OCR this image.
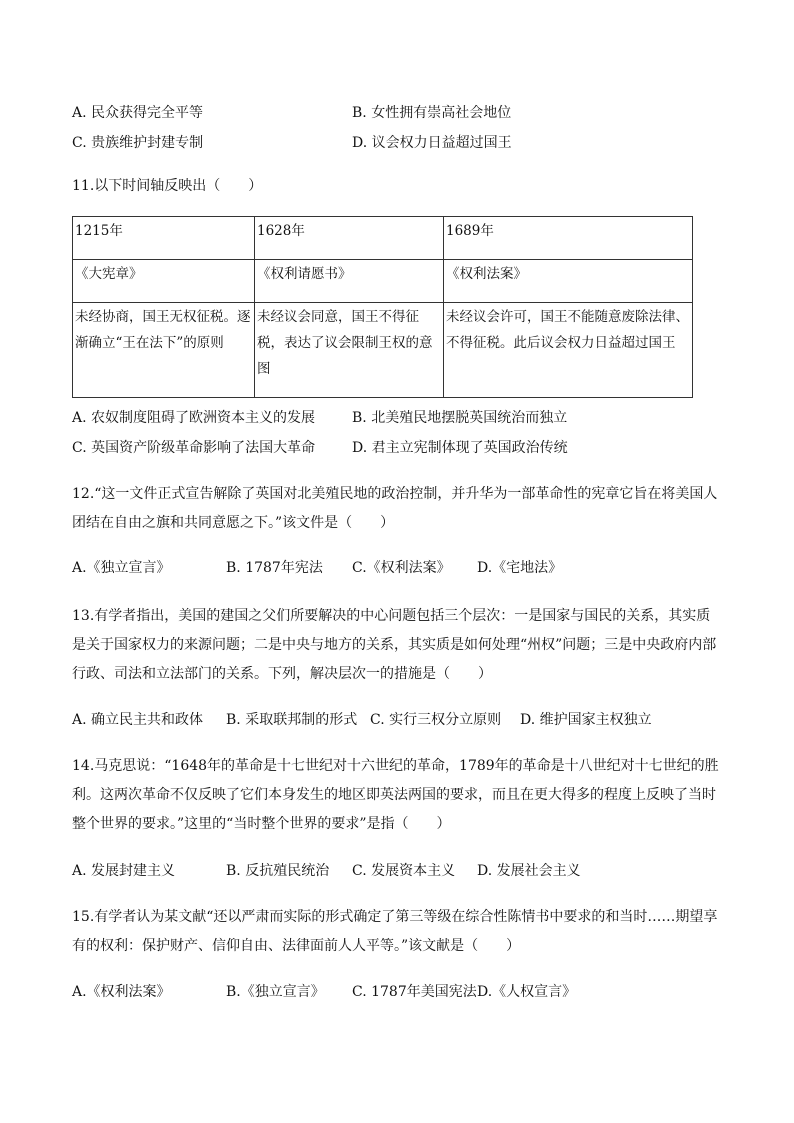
A. 民众获得完全平等	B. 女性拥有崇高社会地位
C. 贵族维护封建专制	D. 议会权力日益超过国王
11.以下时间轴反映出（　　）
1215年	1628年	1689年
《大宪章》	《权利请愿书》	《权利法案》
未经协商，国王无权征税。逐渐确立“王在法下”的原则	未经议会同意，国王不得征税，表达了议会限制王权的意图	未经议会许可，国王不能随意废除法律、不得征税。此后议会权力日益超过国王
A. 农奴制度阻碍了欧洲资本主义的发展	B. 北美殖民地摆脱英国统治而独立
C. 英国资产阶级革命影响了法国大革命	D. 君主立宪制体现了英国政治传统
12.“这一文件正式宣告解除了英国对北美殖民地的政治控制，并升华为一部革命性的宪章它旨在将美国人团结在自由之旗和共同意愿之下。”该文件是（　　）
A.《独立宣言》	B. 1787年宪法 C.《权利法案》 D.《宅地法》
13.有学者指出，美国的建国之父们所要解决的中心问题包括三个层次：一是国家与国民的关系，其实质是关于国家权力的来源问题；二是中央与地方的关系，其实质是如何处理“州权”问题；三是中央政府内部行政、司法和立法部门的关系。下列，解决层次一的措施是（　　）
A. 确立民主共和政体 B. 采取联邦制的形式 C. 实行三权分立原则 D. 维护国家主权独立
14.马克思说：“1648年的革命是十七世纪对十六世纪的革命，1789年的革命是十八世纪对十七世纪的胜利。这两次革命不仅反映了它们本身发生的地区即英法两国的要求，而且在更大得多的程度上反映了当时整个世界的要求。”这里的“当时整个世界的要求”是指（　　）
A. 发展封建主义	B. 反抗殖民统治 C. 发展资本主义 D. 发展社会主义
15.有学者认为某文献“还以严肃而实际的形式确定了第三等级在综合性陈情书中要求的和当时……期望享有的权利：保护财产、信仰自由、法律面前人人平等。”该文献是（　　）
A.《权利法案》	B.《独立宣言》 C. 1787年美国宪法 D.《人权宣言》
